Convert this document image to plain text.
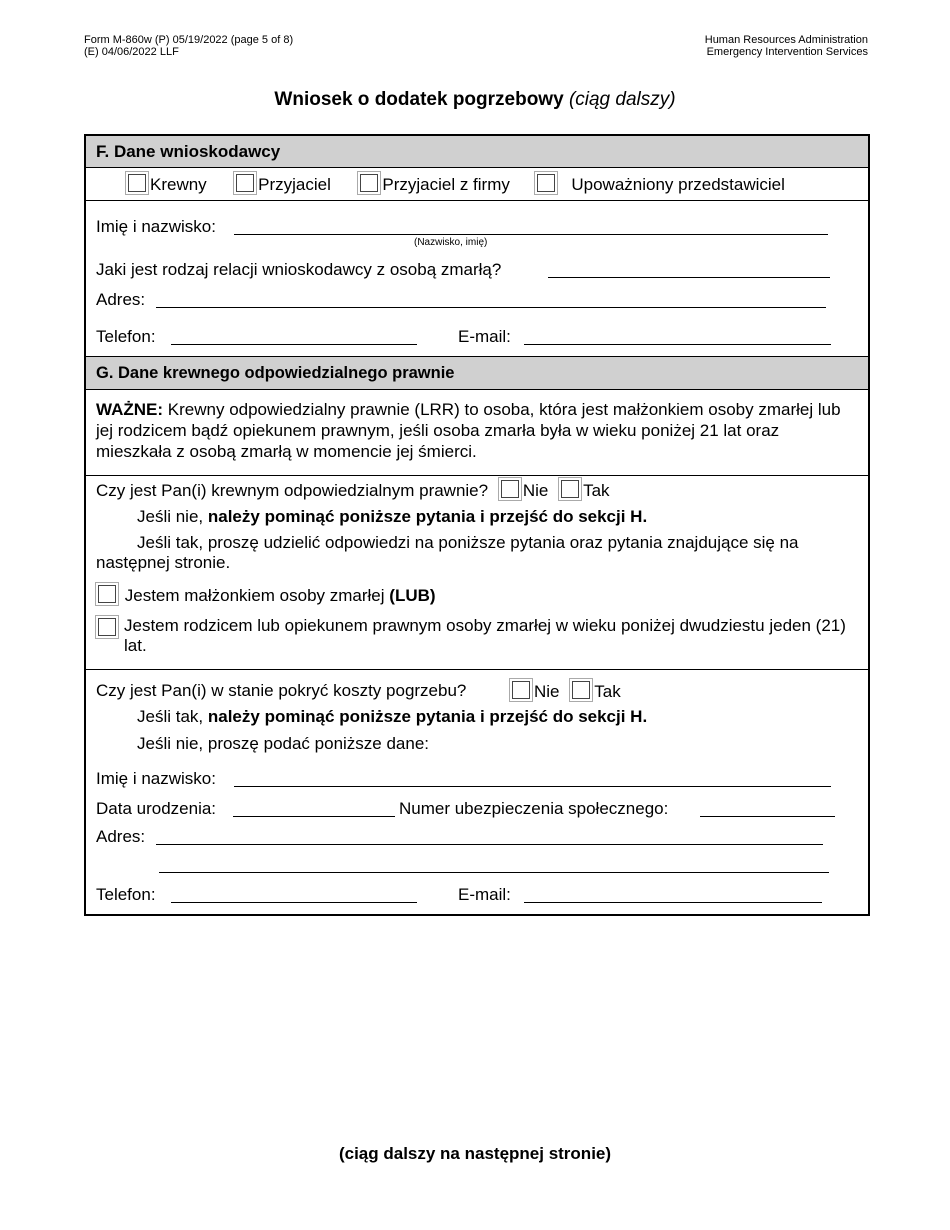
Form M-860w (P) 05/19/2022 (page 5 of 8)
(E) 04/06/2022 LLF
Human Resources Administration
Emergency Intervention Services
Wniosek o dodatek pogrzebowy (ciąg dalszy)
F. Dane wnioskodawcy
Krewny	Przyjaciel	Przyjaciel z firmy	Upoważniony przedstawiciel
Imię i nazwisko:
(Nazwisko, imię)
Jaki jest rodzaj relacji wnioskodawcy z osobą zmarłą?
Adres:
Telefon:	E-mail:
G. Dane krewnego odpowiedzialnego prawnie
WAŻNE: Krewny odpowiedzialny prawnie (LRR) to osoba, która jest małżonkiem osoby zmarłej lub jej rodzicem bądź opiekunem prawnym, jeśli osoba zmarła była w wieku poniżej 21 lat oraz mieszkała z osobą zmarłą w momencie jej śmierci.

Czy jest Pan(i) krewnym odpowiedzialnym prawnie? Nie Tak

Jeśli nie, należy pominąć poniższe pytania i przejść do sekcji H.

Jeśli tak, proszę udzielić odpowiedzi na poniższe pytania oraz pytania znajdujące się na następnej stronie.

Jestem małżonkiem osoby zmarłej (LUB)

Jestem rodzicem lub opiekunem prawnym osoby zmarłej w wieku poniżej dwudziestu jeden (21) lat.
Czy jest Pan(i) w stanie pokryć koszty pogrzebu?	Nie Tak
Jeśli tak, należy pominąć poniższe pytania i przejść do sekcji H.
Jeśli nie, proszę podać poniższe dane:
Imię i nazwisko:
Data urodzenia:	Numer ubezpieczenia społecznego:
Adres:
Telefon:	E-mail:
(ciąg dalszy na następnej stronie)
